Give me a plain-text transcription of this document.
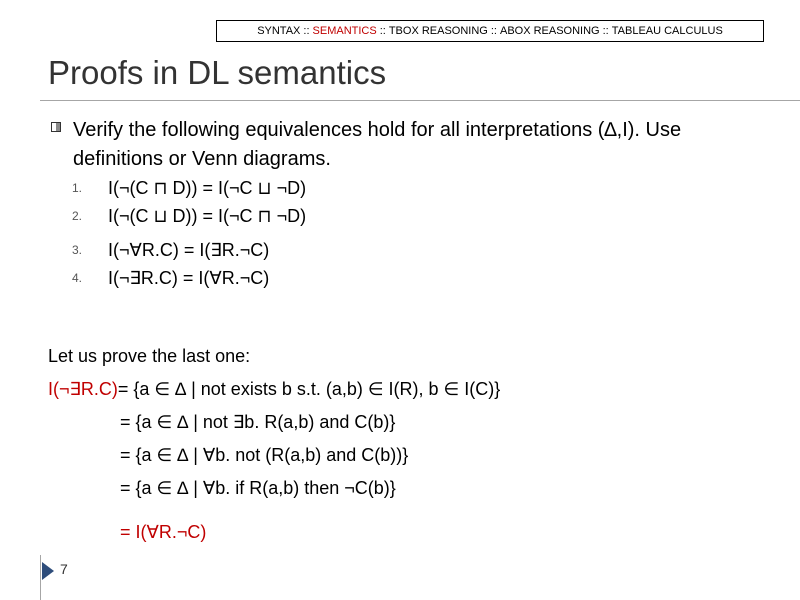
SYNTAX :: SEMANTICS :: TBOX REASONING :: ABOX REASONING :: TABLEAU CALCULUS
Proofs in DL semantics
Verify the following equivalences hold for all interpretations (∆,I). Use definitions or Venn diagrams.
1.	I(¬(C ⊓ D)) = I(¬C ⊔ ¬D)
2.	I(¬(C ⊔ D)) = I(¬C ⊓ ¬D)
3.	I(¬∀R.C) = I(∃R.¬C)
4.	I(¬∃R.C) = I(∀R.¬C)
Let us prove the last one:
I(¬∃R.C)= {a ∈ ∆ | not exists b s.t. (a,b) ∈ I(R), b ∈ I(C)}
= {a ∈ ∆ | not ∃b. R(a,b) and C(b)}
= {a ∈ ∆ | ∀b. not (R(a,b) and C(b))}
= {a ∈ ∆ | ∀b. if R(a,b) then ¬C(b)}
= I(∀R.¬C)
7
